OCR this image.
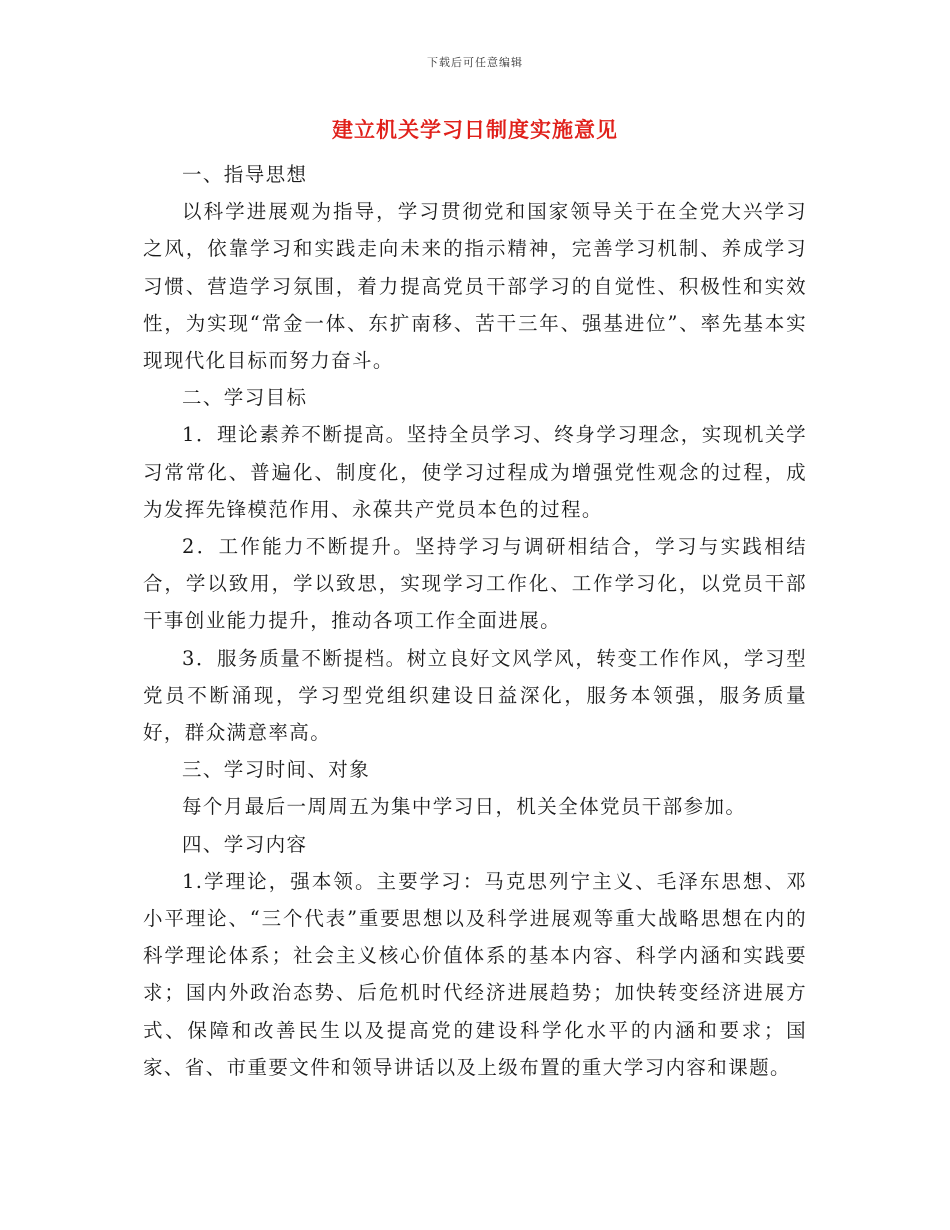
下载后可任意编辑
建立机关学习日制度实施意见

一、指导思想

以科学进展观为指导，学习贯彻党和国家领导关于在全党大兴学习之风，依靠学习和实践走向未来的指示精神，完善学习机制、养成学习习惯、营造学习氛围，着力提高党员干部学习的自觉性、积极性和实效性，为实现“常金一体、东扩南移、苦干三年、强基进位”、率先基本实现现代化目标而努力奋斗。

二、学习目标

1．理论素养不断提高。坚持全员学习、终身学习理念，实现机关学习常常化、普遍化、制度化，使学习过程成为增强党性观念的过程，成为发挥先锋模范作用、永葆共产党员本色的过程。

2．工作能力不断提升。坚持学习与调研相结合，学习与实践相结合，学以致用，学以致思，实现学习工作化、工作学习化，以党员干部干事创业能力提升，推动各项工作全面进展。

3．服务质量不断提档。树立良好文风学风，转变工作作风，学习型党员不断涌现，学习型党组织建设日益深化，服务本领强，服务质量好，群众满意率高。

三、学习时间、对象

每个月最后一周周五为集中学习日，机关全体党员干部参加。

四、学习内容

1.学理论，强本领。主要学习：马克思列宁主义、毛泽东思想、邓小平理论、“三个代表”重要思想以及科学进展观等重大战略思想在内的科学理论体系；社会主义核心价值体系的基本内容、科学内涵和实践要求；国内外政治态势、后危机时代经济进展趋势；加快转变经济进展方式、保障和改善民生以及提高党的建设科学化水平的内涵和要求；国家、省、市重要文件和领导讲话以及上级布置的重大学习内容和课题。
